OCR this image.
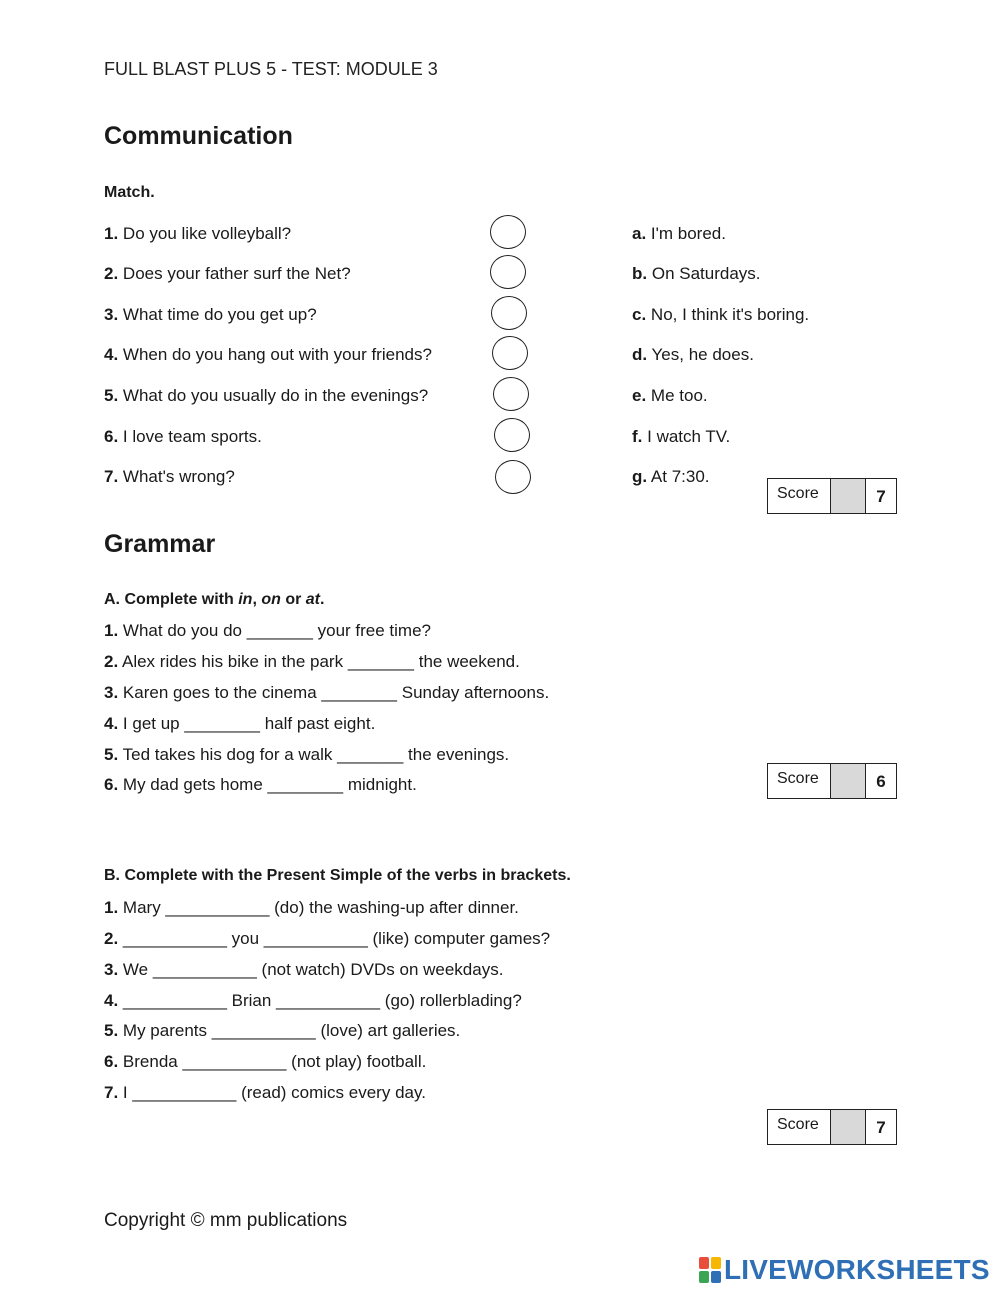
FULL BLAST PLUS 5 - TEST: MODULE 3
Communication
Match.
1. Do you like volleyball?
2. Does your father surf the Net?
3. What time do you get up?
4. When do you hang out with your friends?
5. What do you usually do in the evenings?
6. I love team sports.
7. What's wrong?
a. I'm bored.
b. On Saturdays.
c. No, I think it's boring.
d. Yes, he does.
e. Me too.
f. I watch TV.
g. At 7:30.
Score	7
Grammar
A. Complete with in, on or at.
1. What do you do _______ your free time?
2. Alex rides his bike in the park _______ the weekend.
3. Karen goes to the cinema ________ Sunday afternoons.
4. I get up ________ half past eight.
5. Ted takes his dog for a walk _______ the evenings.
6. My dad gets home ________ midnight.	Score	6
B. Complete with the Present Simple of the verbs in brackets.
1. Mary ___________ (do) the washing-up after dinner.
2. ___________ you ___________ (like) computer games?
3. We ___________ (not watch) DVDs on weekdays.
4. ___________ Brian ___________ (go) rollerblading?
5. My parents ___________ (love) art galleries.
6. Brenda ___________ (not play) football.
7. I ___________ (read) comics every day.
Score	7
Copyright © mm publications
LIVEWORKSHEETS
